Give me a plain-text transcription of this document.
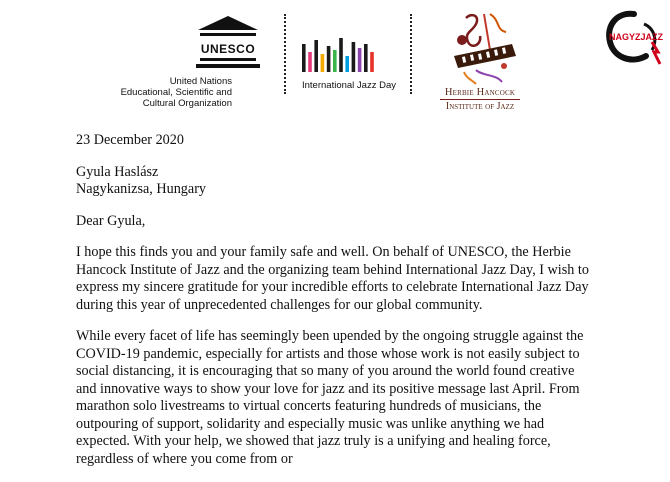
UNESCO
United Nations
Educational, Scientific and
Cultural Organization
International Jazz Day
Herbie Hancock
Institute of Jazz
NAGYZJAZZ

23 December 2020

Gyula Haslász
Nagykanizsa, Hungary

Dear Gyula,

I hope this finds you and your family safe and well. On behalf of UNESCO, the Herbie Hancock Institute of Jazz and the organizing team behind International Jazz Day, I wish to express my sincere gratitude for your incredible efforts to celebrate International Jazz Day during this year of unprecedented challenges for our global community.

While every facet of life has seemingly been upended by the ongoing struggle against the COVID-19 pandemic, especially for artists and those whose work is not easily subject to social distancing, it is encouraging that so many of you around the world found creative and innovative ways to show your love for jazz and its positive message last April. From marathon solo livestreams to virtual concerts featuring hundreds of musicians, the outpouring of support, solidarity and especially music was unlike anything we had expected. With your help, we showed that jazz truly is a unifying and healing force, regardless of where you come from or
